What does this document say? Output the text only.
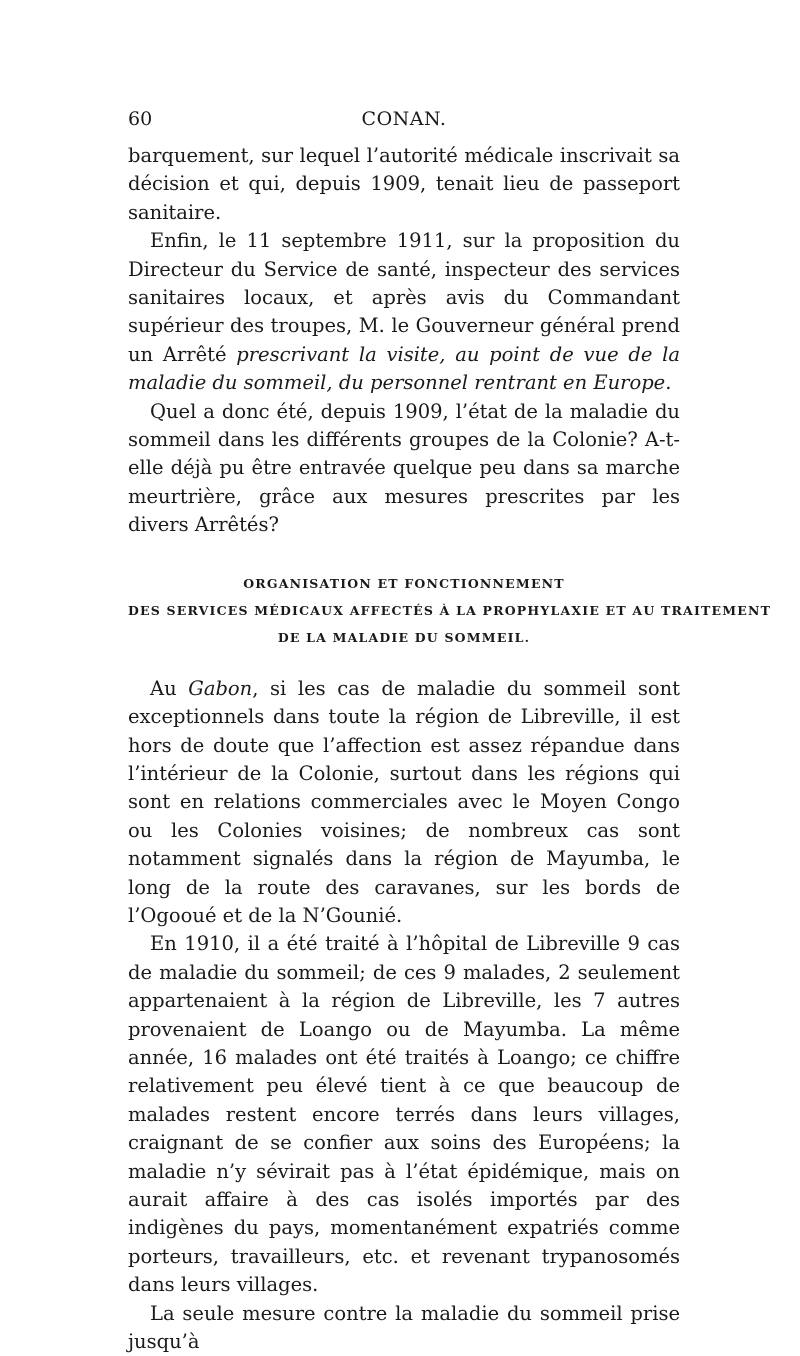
60	CONAN.

barquement, sur lequel l’autorité médicale inscrivait sa décision et qui, depuis 1909, tenait lieu de passeport sanitaire.

Enfin, le 11 septembre 1911, sur la proposition du Directeur du Service de santé, inspecteur des services sanitaires locaux, et après avis du Commandant supérieur des troupes, M. le Gouverneur général prend un Arrêté prescrivant la visite, au point de vue de la maladie du sommeil, du personnel rentrant en Europe.

Quel a donc été, depuis 1909, l’état de la maladie du sommeil dans les différents groupes de la Colonie? A-t-elle déjà pu être entravée quelque peu dans sa marche meurtrière, grâce aux mesures prescrites par les divers Arrêtés?

ORGANISATION ET FONCTIONNEMENT
DES SERVICES MÉDICAUX AFFECTÉS À LA PROPHYLAXIE ET AU TRAITEMENT
DE LA MALADIE DU SOMMEIL.

Au Gabon, si les cas de maladie du sommeil sont exceptionnels dans toute la région de Libreville, il est hors de doute que l’affection est assez répandue dans l’intérieur de la Colonie, surtout dans les régions qui sont en relations commerciales avec le Moyen Congo ou les Colonies voisines; de nombreux cas sont notamment signalés dans la région de Mayumba, le long de la route des caravanes, sur les bords de l’Ogooué et de la N’Gounié.

En 1910, il a été traité à l’hôpital de Libreville 9 cas de maladie du sommeil; de ces 9 malades, 2 seulement appartenaient à la région de Libreville, les 7 autres provenaient de Loango ou de Mayumba. La même année, 16 malades ont été traités à Loango; ce chiffre relativement peu élevé tient à ce que beaucoup de malades restent encore terrés dans leurs villages, craignant de se confier aux soins des Européens; la maladie n’y sévirait pas à l’état épidémique, mais on aurait affaire à des cas isolés importés par des indigènes du pays, momentanément expatriés comme porteurs, travailleurs, etc. et revenant trypanosomés dans leurs villages.

La seule mesure contre la maladie du sommeil prise jusqu’à
